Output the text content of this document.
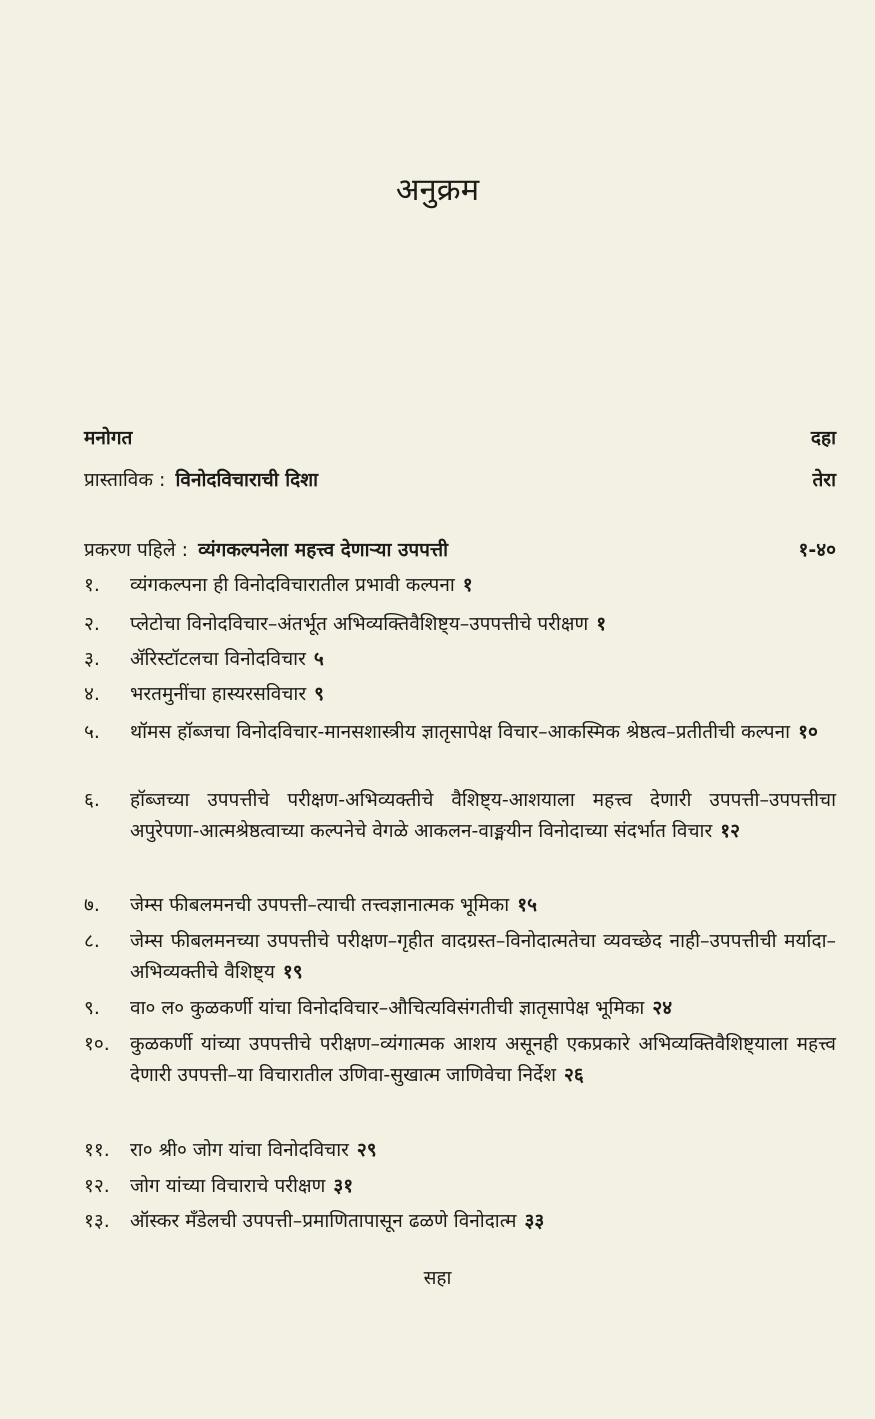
अनुक्रम
मनोगत	दहा
प्रास्ताविक : विनोदविचाराची दिशा	तेरा
प्रकरण पहिले : व्यंगकल्पनेला महत्त्व देणाऱ्या उपपत्ती	१-४०
१.	व्यंगकल्पना ही विनोदविचारातील प्रभावी कल्पना १
२.	प्लेटोचा विनोदविचार–अंतर्भूत अभिव्यक्तिवैशिष्ट्य–उपपत्तीचे परीक्षण १
३.	ॲरिस्टॉटलचा विनोदविचार ५
४.	भरतमुनींचा हास्यरसविचार ९
५.	थॉमस हॉब्जचा विनोदविचार-मानसशास्त्रीय ज्ञातृसापेक्ष विचार–आकस्मिक श्रेष्ठत्व–प्रतीतीची कल्पना १०
६.	हॉब्जच्या उपपत्तीचे परीक्षण-अभिव्यक्तीचे वैशिष्ट्य-आशयाला महत्त्व देणारी उपपत्ती–उपपत्तीचा अपुरेपणा-आत्मश्रेष्ठत्वाच्या कल्पनेचे वेगळे आकलन-वाङ्मयीन विनोदाच्या संदर्भात विचार १२
७.	जेम्स फीबलमनची उपपत्ती–त्याची तत्त्वज्ञानात्मक भूमिका १५
८.	जेम्स फीबलमनच्या उपपत्तीचे परीक्षण–गृहीत वादग्रस्त–विनोदात्मतेचा व्यवच्छेद नाही–उपपत्तीची मर्यादा–अभिव्यक्तीचे वैशिष्ट्य १९
९.	वा० ल० कुळकर्णी यांचा विनोदविचार–औचित्यविसंगतीची ज्ञातृसापेक्ष भूमिका २४
१०.	कुळकर्णी यांच्या उपपत्तीचे परीक्षण–व्यंगात्मक आशय असूनही एकप्रकारे अभिव्यक्तिवैशिष्ट्याला महत्त्व देणारी उपपत्ती–या विचारातील उणिवा-सुखात्म जाणिवेचा निर्देश २६
११.	रा० श्री० जोग यांचा विनोदविचार २९
१२.	जोग यांच्या विचाराचे परीक्षण ३१
१३.	ऑस्कर मॅंडेलची उपपत्ती–प्रमाणितापासून ढळणे विनोदात्म ३३
सहा
